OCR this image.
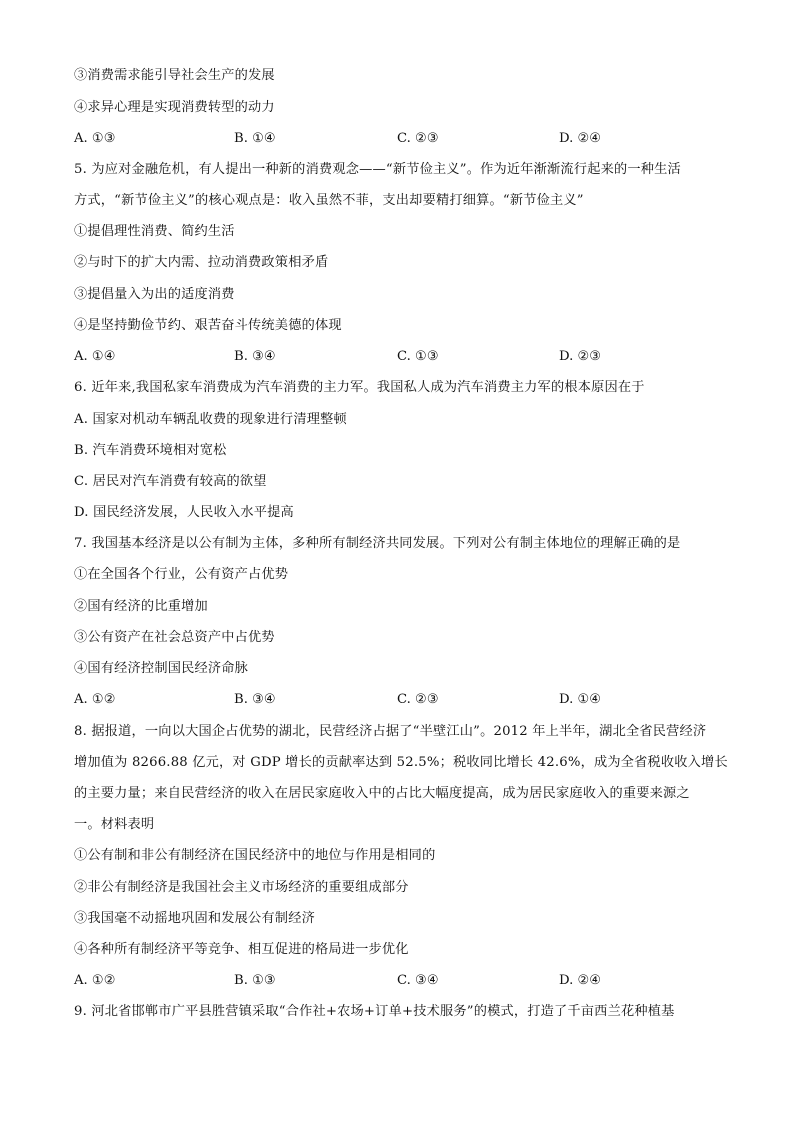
③消费需求能引导社会生产的发展
④求异心理是实现消费转型的动力
A. ①③	B. ①④	C. ②③	D. ②④
5. 为应对金融危机，有人提出一种新的消费观念——“新节俭主义”。作为近年渐渐流行起来的一种生活
方式，“新节俭主义”的核心观点是：收入虽然不菲，支出却要精打细算。“新节俭主义”
①提倡理性消费、简约生活
②与时下的扩大内需、拉动消费政策相矛盾
③提倡量入为出的适度消费
④是坚持勤俭节约、艰苦奋斗传统美德的体现
A. ①④	B. ③④	C. ①③	D. ②③
6. 近年来,我国私家车消费成为汽车消费的主力军。我国私人成为汽车消费主力军的根本原因在于
A. 国家对机动车辆乱收费的现象进行清理整顿
B. 汽车消费环境相对宽松
C. 居民对汽车消费有较高的欲望
D. 国民经济发展，人民收入水平提高
7. 我国基本经济是以公有制为主体，多种所有制经济共同发展。下列对公有制主体地位的理解正确的是
①在全国各个行业，公有资产占优势
②国有经济的比重增加
③公有资产在社会总资产中占优势
④国有经济控制国民经济命脉
A. ①②	B. ③④	C. ②③	D. ①④
8. 据报道，一向以大国企占优势的湖北，民营经济占据了“半壁江山”。2012 年上半年，湖北全省民营经济
增加值为 8266.88 亿元，对 GDP 增长的贡献率达到 52.5%；税收同比增长 42.6%，成为全省税收收入增长
的主要力量；来自民营经济的收入在居民家庭收入中的占比大幅度提高，成为居民家庭收入的重要来源之
一。材料表明
①公有制和非公有制经济在国民经济中的地位与作用是相同的
②非公有制经济是我国社会主义市场经济的重要组成部分
③我国毫不动摇地巩固和发展公有制经济
④各种所有制经济平等竞争、相互促进的格局进一步优化
A. ①②	B. ①③	C. ③④	D. ②④
9. 河北省邯郸市广平县胜营镇采取“合作社+农场+订单+技术服务”的模式，打造了千亩西兰花种植基
